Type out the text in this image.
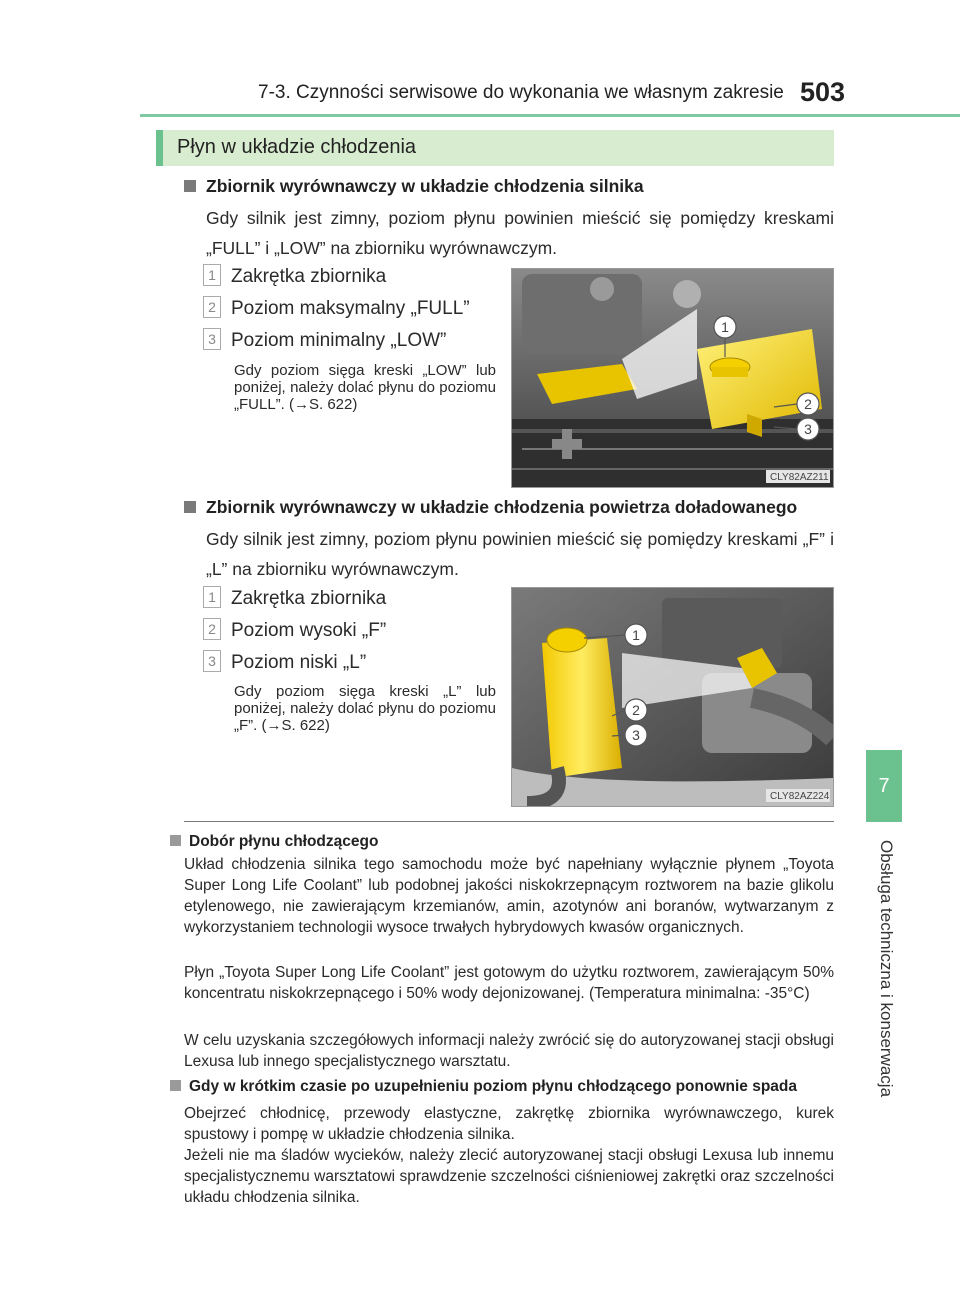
7-3. Czynności serwisowe do wykonania we własnym zakresie 503
7
Obsługa techniczna i konserwacja
Płyn w układzie chłodzenia
Zbiornik wyrównawczy w układzie chłodzenia silnika
Gdy silnik jest zimny, poziom płynu powinien mieścić się pomiędzy kreskami „FULL” i „LOW” na zbiorniku wyrównawczym.
1 Zakrętka zbiornika
2 Poziom maksymalny „FULL”
3 Poziom minimalny „LOW”
Gdy poziom sięga kreski „LOW” lub poniżej, należy dolać płynu do poziomu „FULL”. (→S. 622)
1
2
3
CLY82AZ211
Zbiornik wyrównawczy w układzie chłodzenia powietrza doładowanego
Gdy silnik jest zimny, poziom płynu powinien mieścić się pomiędzy kreskami „F” i „L” na zbiorniku wyrównawczym.
1 Zakrętka zbiornika
2 Poziom wysoki „F”
3 Poziom niski „L”
Gdy poziom sięga kreski „L” lub poniżej, należy dolać płynu do poziomu „F”. (→S. 622)
1
2
3
CLY82AZ224
Dobór płynu chłodzącego
Układ chłodzenia silnika tego samochodu może być napełniany wyłącznie płynem „Toyota Super Long Life Coolant” lub podobnej jakości niskokrzepnącym roztworem na bazie glikolu etylenowego, nie zawierającym krzemianów, amin, azotynów ani boranów, wytwarzanym z wykorzystaniem technologii wysoce trwałych hybrydowych kwasów organicznych.
Płyn „Toyota Super Long Life Coolant” jest gotowym do użytku roztworem, zawierającym 50% koncentratu niskokrzepnącego i 50% wody dejonizowanej. (Temperatura minimalna: -35°C)
W celu uzyskania szczegółowych informacji należy zwrócić się do autoryzowanej stacji obsługi Lexusa lub innego specjalistycznego warsztatu.
Gdy w krótkim czasie po uzupełnieniu poziom płynu chłodzącego ponownie spada
Obejrzeć chłodnicę, przewody elastyczne, zakrętkę zbiornika wyrównawczego, kurek spustowy i pompę w układzie chłodzenia silnika.
Jeżeli nie ma śladów wycieków, należy zlecić autoryzowanej stacji obsługi Lexusa lub innemu specjalistycznemu warsztatowi sprawdzenie szczelności ciśnieniowej zakrętki oraz szczelności układu chłodzenia silnika.
